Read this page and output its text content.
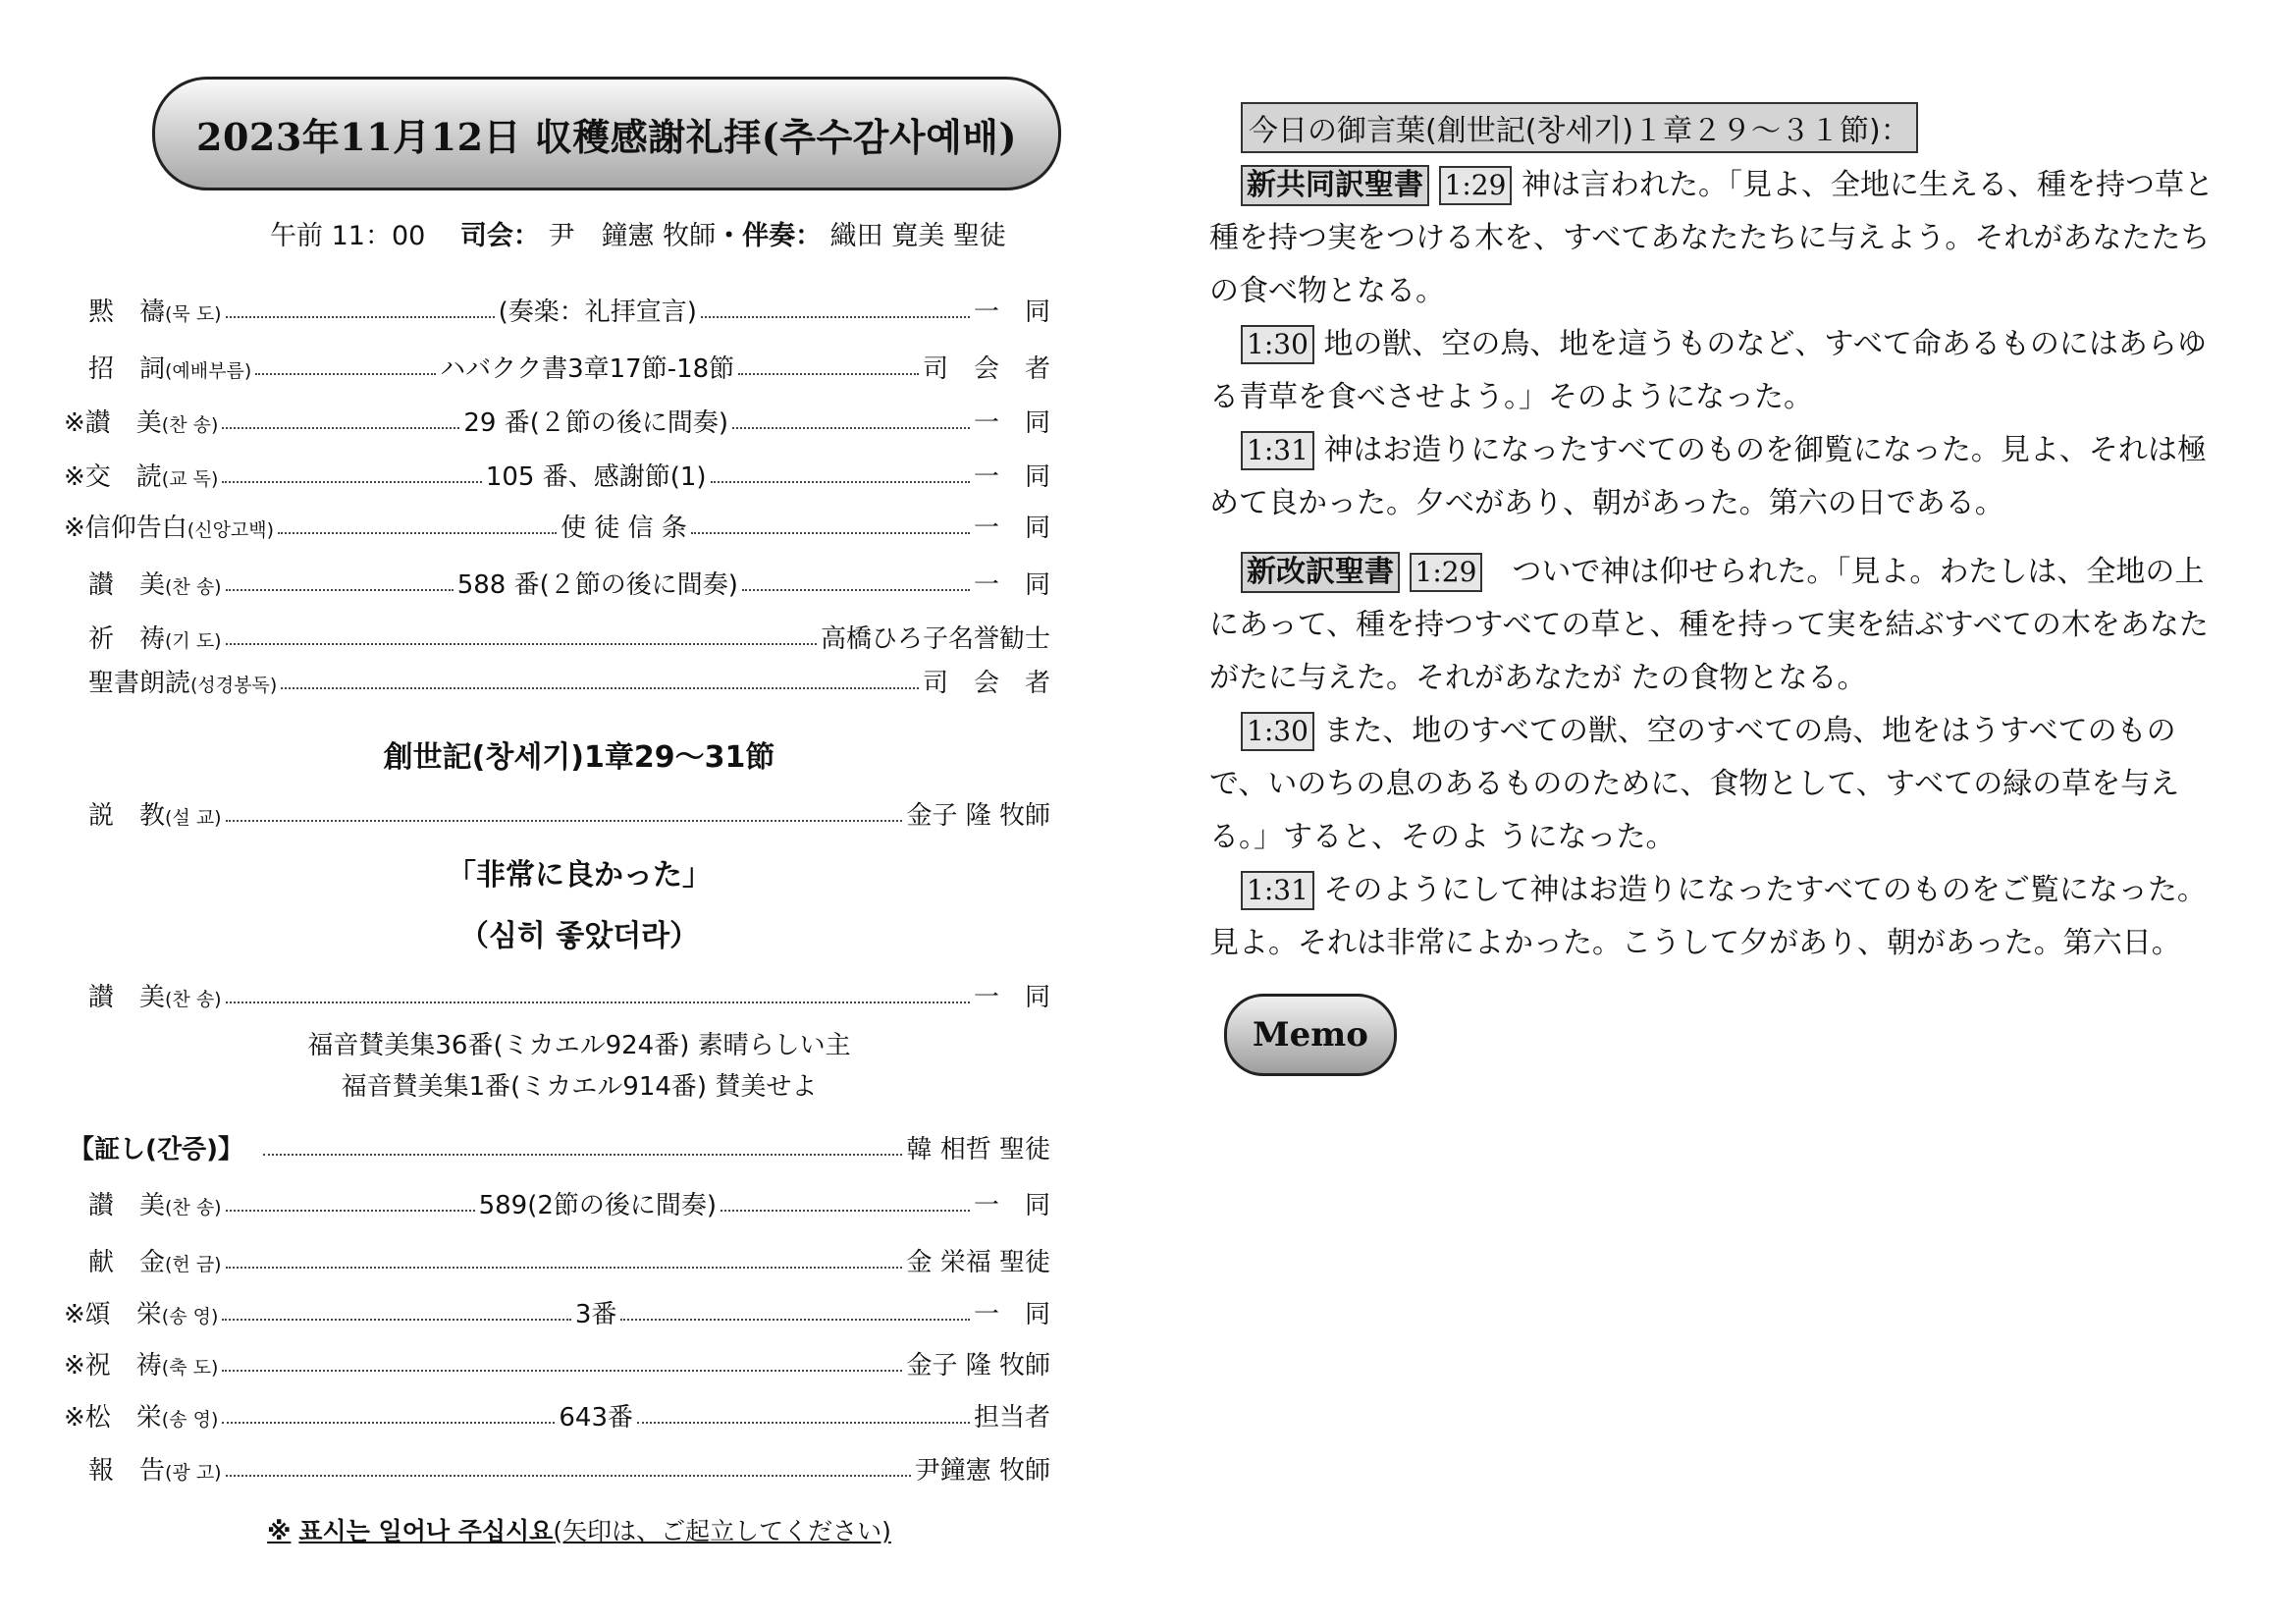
2023年11月12日 収穫感謝礼拝(추수감사예배)
午前 11：00　 司会： 尹　鐘憲 牧師・伴奏： 織田 寛美 聖徒
黙　禱(묵 도)	(奏楽：礼拝宣言)	一同
招　詞(예배부름)	ハバクク書3章17節-18節	司会者
※讃　美(찬 송)	29 番(２節の後に間奏)	一同
※交　読(교 독)	105 番、感謝節(1)	一同
※信仰告白(신앙고백)	使 徒 信 条	一同
讃　美(찬 송)	588 番(２節の後に間奏)	一同
祈　祷(기 도)	高橋ひろ子名誉勧士
聖書朗読(성경봉독)	司会者
創世記(창세기)1章29～31節
説　教(설 교)	金子 隆 牧師
「非常に良かった」
（심히 좋았더라）
讃　美(찬 송)	一同
福音賛美集36番(ミカエル924番) 素晴らしい主
福音賛美集1番(ミカエル914番) 賛美せよ
【証し(간증)】	韓 相哲 聖徒
讃　美(찬 송)	589(2節の後に間奏)	一同
献　金(헌 금)	金 栄福 聖徒
※頌　栄(송 영)	3番	一同
※祝　祷(축 도)	金子 隆 牧師
※松　栄(송 영)	643番	担当者
報　告(광 고)	尹鐘憲 牧師
※ 표시는 일어나 주십시요(矢印は、ご起立してください)
今日の御言葉(創世記(창세기)１章２９～３１節)：

新共同訳聖書 1:29 神は言われた。「見よ、全地に生える、種を持つ草と種を持つ実をつける木を、すべてあなたたちに与えよう。それがあなたたちの食べ物となる。

1:30 地の獣、空の鳥、地を這うものなど、すべて命あるものにはあらゆる青草を食べさせよう。」そのようになった。

1:31 神はお造りになったすべてのものを御覧になった。見よ、それは極めて良かった。夕べがあり、朝があった。第六の日である。

新改訳聖書 1:29　ついで神は仰せられた。「見よ。わたしは、全地の上にあって、種を持つすべての草と、種を持って実を結ぶすべての木をあなたがたに与えた。それがあなたが たの食物となる。

1:30 また、地のすべての獣、空のすべての鳥、地をはうすべてのもので、いのちの息のあるもののために、食物として、すべての緑の草を与える。」すると、そのよ うになった。

1:31 そのようにして神はお造りになったすべてのものをご覧になった。見よ。それは非常によかった。こうして夕があり、朝があった。第六日。

Memo
